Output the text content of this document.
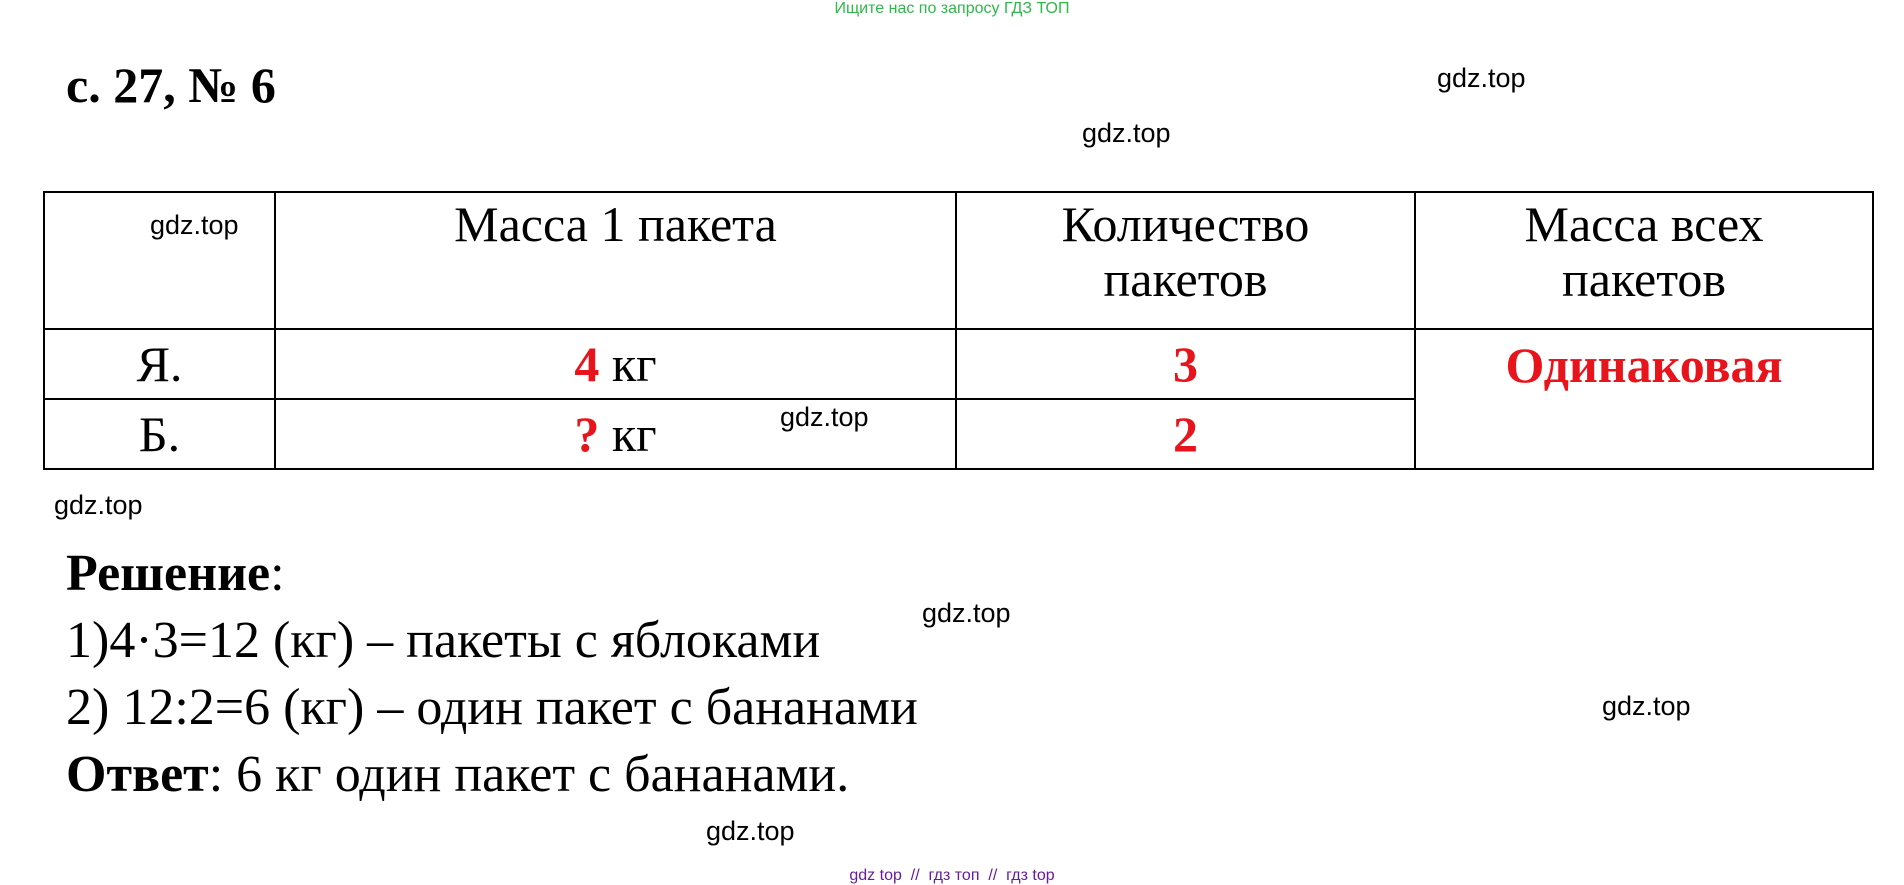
Ищите нас по запросу ГДЗ ТОП
с. 27, № 6	gdz.top
gdz.top
gdz.top
gdz.top
gdz.top
gdz.top
gdz.top
gdz.top
	Масса 1 пакета	Количество пакетов	Масса всех пакетов

Я.	4 кг	3	Одинаковая
Б.	? кг	2	
Решение:
1)4·3=12 (кг) – пакеты с яблоками
2) 12:2=6 (кг) – один пакет с бананами
Ответ: 6 кг один пакет с бананами.
gdz top  //  гдз топ  //  гдз top
